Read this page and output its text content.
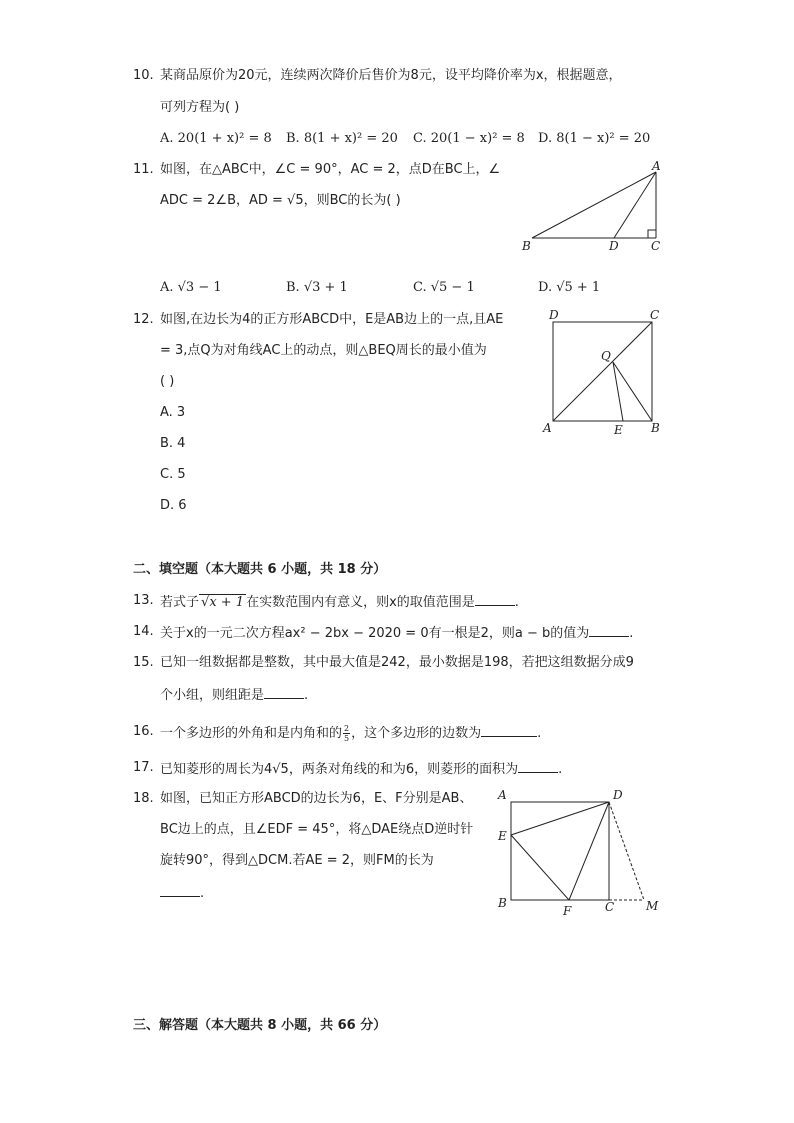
10. 某商品原价为20元，连续两次降价后售价为8元，设平均降价率为x，根据题意，
可列方程为( )
A. 20(1 + x)² = 8 B. 8(1 + x)² = 20 C. 20(1 − x)² = 8 D. 8(1 − x)² = 20
11. 如图，在△ABC中，∠C = 90°，AC = 2，点D在BC上，∠
ADC = 2∠B，AD = √5，则BC的长为( )
A
B	D	C
A. √3 − 1	B. √3 + 1	C. √5 − 1	D. √5 + 1
12. 如图,在边长为4的正方形ABCD中，E是AB边上的一点,且AE
= 3,点Q为对角线AC上的动点，则△BEQ周长的最小值为
( )
D	C
Q
A	E B
A. 3
B. 4
C. 5
D. 6
二、填空题（本大题共 6 小题，共 18 分）
13. 若式子 √x + 1 在实数范围内有意义，则x的取值范围是	.
14. 关于x的一元二次方程ax² − 2bx − 2020 = 0有一根是2，则a − b的值为	.
15. 已知一组数据都是整数，其中最大值是242，最小数据是198，若把这组数据分成9
个小组，则组距是	.
16. 一个多边形的外角和是内角和的 $\frac{2}{5}$ ，这个多边形的边数为	.
17. 已知菱形的周长为4√5，两条对角线的和为6，则菱形的面积为	.
18. 如图，已知正方形ABCD的边长为6，E、F分别是AB、
BC边上的点，且∠EDF = 45°，将△DAE绕点D逆时针
旋转90°，得到△DCM.若AE = 2，则FM的长为
.
A	D
E
B
F	C	M
三、解答题（本大题共 8 小题，共 66 分）
